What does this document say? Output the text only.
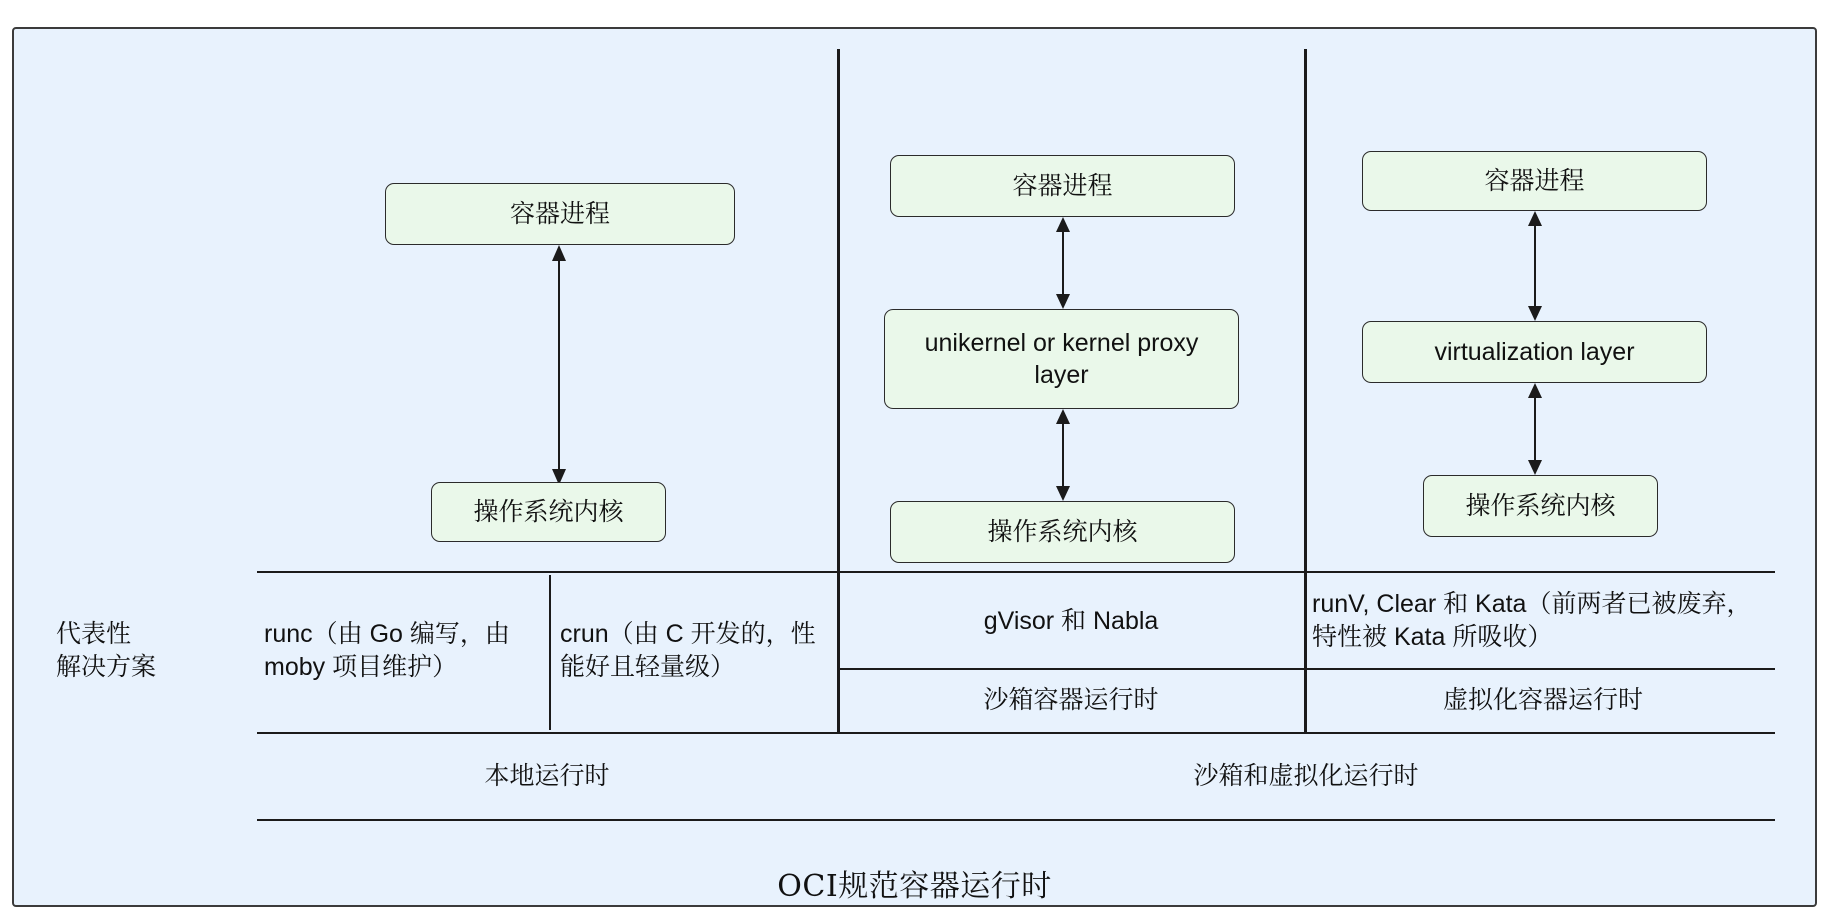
容器进程
操作系统内核
容器进程
unikernel or kernel proxy layer
操作系统内核
容器进程
virtualization layer
操作系统内核
代表性
解决方案
runc（由 Go 编写，由 moby 项目维护）
crun（由 C 开发的，性能好且轻量级）
gVisor 和 Nabla
runV, Clear 和 Kata（前两者已被废弃，特性被 Kata 所吸收）
沙箱容器运行时	虚拟化容器运行时
本地运行时	沙箱和虚拟化运行时
OCI规范容器运行时
